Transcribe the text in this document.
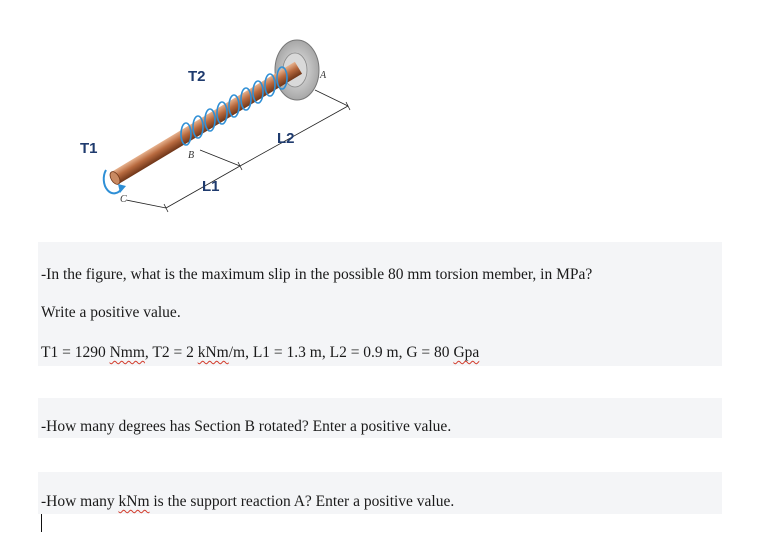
T2
T1
L2
L1
A
B
C
-In the figure, what is the maximum slip in the possible 80 mm torsion member, in MPa?
Write a positive value.
T1 = 1290 Nmm, T2 = 2 kNm/m, L1 = 1.3 m, L2 = 0.9 m, G = 80 Gpa
-How many degrees has Section B rotated? Enter a positive value.
-How many kNm is the support reaction A? Enter a positive value.
